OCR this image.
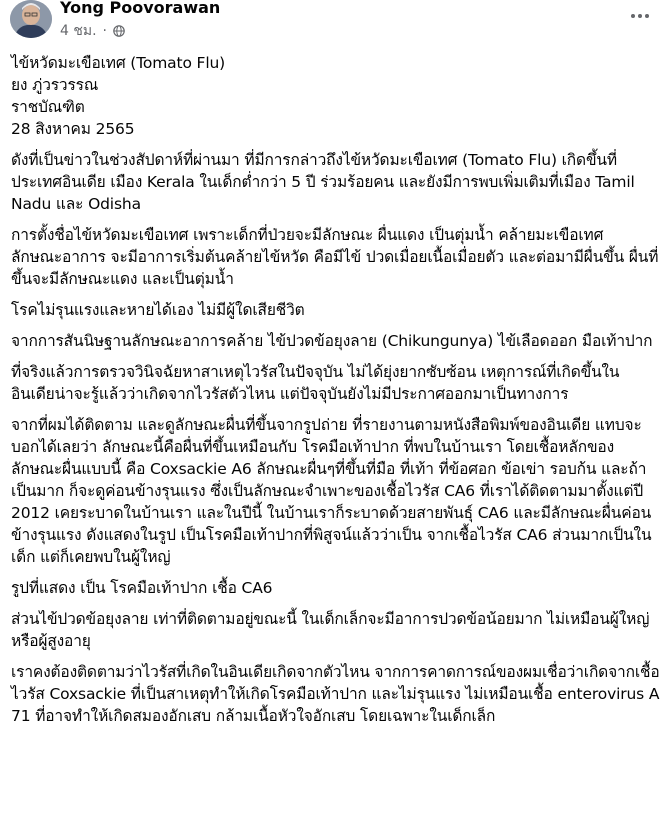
Yong Poovorawan
4 ชม. ·

ไข้หวัดมะเขือเทศ (Tomato Flu)
ยง ภู่วรวรรณ
ราชบัณฑิต
28 สิงหาคม 2565

ดังที่เป็นข่าวในช่วงสัปดาห์ที่ผ่านมา ที่มีการกล่าวถึงไข้หวัดมะเขือเทศ (Tomato Flu) เกิดขึ้นที่ประเทศอินเดีย เมือง Kerala ในเด็กต่ำกว่า 5 ปี ร่วมร้อยคน และยังมีการพบเพิ่มเติมที่เมือง Tamil Nadu และ Odisha

การตั้งชื่อไข้หวัดมะเขือเทศ เพราะเด็กที่ป่วยจะมีลักษณะ ผื่นแดง เป็นตุ่มน้ำ คล้ายมะเขือเทศ

ลักษณะอาการ จะมีอาการเริ่มต้นคล้ายไข้หวัด คือมีไข้ ปวดเมื่อยเนื้อเมื่อยตัว และต่อมามีผื่นขึ้น ผื่นที่ขึ้นจะมีลักษณะแดง และเป็นตุ่มน้ำ

โรคไม่รุนแรงและหายได้เอง ไม่มีผู้ใดเสียชีวิต

จากการสันนิษฐานลักษณะอาการคล้าย ไข้ปวดข้อยุงลาย (Chikungunya) ไข้เลือดออก มือเท้าปาก

ที่จริงแล้วการตรวจวินิจฉัยหาสาเหตุไวรัสในปัจจุบัน ไม่ได้ยุ่งยากซับซ้อน เหตุการณ์ที่เกิดขึ้นในอินเดียน่าจะรู้แล้วว่าเกิดจากไวรัสตัวไหน แต่ปัจจุบันยังไม่มีประกาศออกมาเป็นทางการ

จากที่ผมได้ติดตาม และดูลักษณะผื่นที่ขึ้นจากรูปถ่าย ที่รายงานตามหนังสือพิมพ์ของอินเดีย แทบจะบอกได้เลยว่า ลักษณะนี้คือผื่นที่ขึ้นเหมือนกับ โรคมือเท้าปาก ที่พบในบ้านเรา โดยเชื้อหลักของลักษณะผื่นแบบนี้ คือ Coxsackie A6 ลักษณะผื่นๆที่ขึ้นที่มือ ที่เท้า ที่ข้อศอก ข้อเข่า รอบก้น และถ้าเป็นมาก ก็จะดูค่อนข้างรุนแรง ซึ่งเป็นลักษณะจำเพาะของเชื้อไวรัส CA6 ที่เราได้ติดตามมาตั้งแต่ปี 2012 เคยระบาดในบ้านเรา และในปีนี้ ในบ้านเราก็ระบาดด้วยสายพันธุ์ CA6 และมีลักษณะผื่นค่อนข้างรุนแรง ดังแสดงในรูป เป็นโรคมือเท้าปากที่พิสูจน์แล้วว่าเป็น จากเชื้อไวรัส CA6 ส่วนมากเป็นในเด็ก แต่ก็เคยพบในผู้ใหญ่

รูปที่แสดง เป็น โรคมือเท้าปาก เชื้อ CA6

ส่วนไข้ปวดข้อยุงลาย เท่าที่ติดตามอยู่ขณะนี้ ในเด็กเล็กจะมีอาการปวดข้อน้อยมาก ไม่เหมือนผู้ใหญ่หรือผู้สูงอายุ

เราคงต้องติดตามว่าไวรัสที่เกิดในอินเดียเกิดจากตัวไหน จากการคาดการณ์ของผมเชื่อว่าเกิดจากเชื้อไวรัส Coxsackie ที่เป็นสาเหตุทำให้เกิดโรคมือเท้าปาก และไม่รุนแรง ไม่เหมือนเชื้อ enterovirus A 71 ที่อาจทำให้เกิดสมองอักเสบ กล้ามเนื้อหัวใจอักเสบ โดยเฉพาะในเด็กเล็ก
